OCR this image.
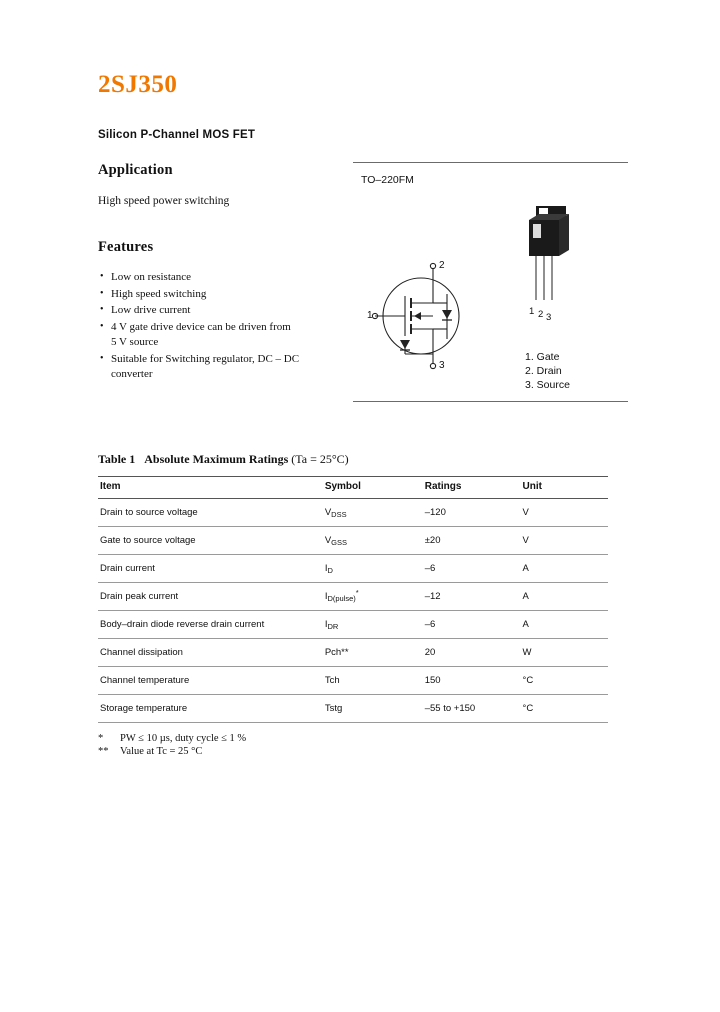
2SJ350
Silicon P-Channel MOS FET
Application
High speed power switching
Features
• Low on resistance
• High speed switching
• Low drive current
• 4 V gate drive device can be driven from

5 V source
• Suitable for Switching regulator, DC – DC

converter
TO–220FM
1 2 3
1
2
3
1. Gate
2. Drain
3. Source
Table 1 Absolute Maximum Ratings (Ta = 25°C)
Item	Symbol	Ratings	Unit
Drain to source voltage	$V_{DSS}$	–120	V
Gate to source voltage	$V_{GSS}$	±20	V
Drain current	$I_D$	–6	A
Drain peak current	$I_{D(pulse)}^*$	–12	A
Body–drain diode reverse drain current	$I_{DR}$	–6	A
Channel dissipation	Pch**	20	W
Channel temperature	Tch	150	°C
Storage temperature	Tstg	–55 to +150	°C
* PW ≤ 10 µs, duty cycle ≤ 1 %
** Value at Tc = 25 °C
